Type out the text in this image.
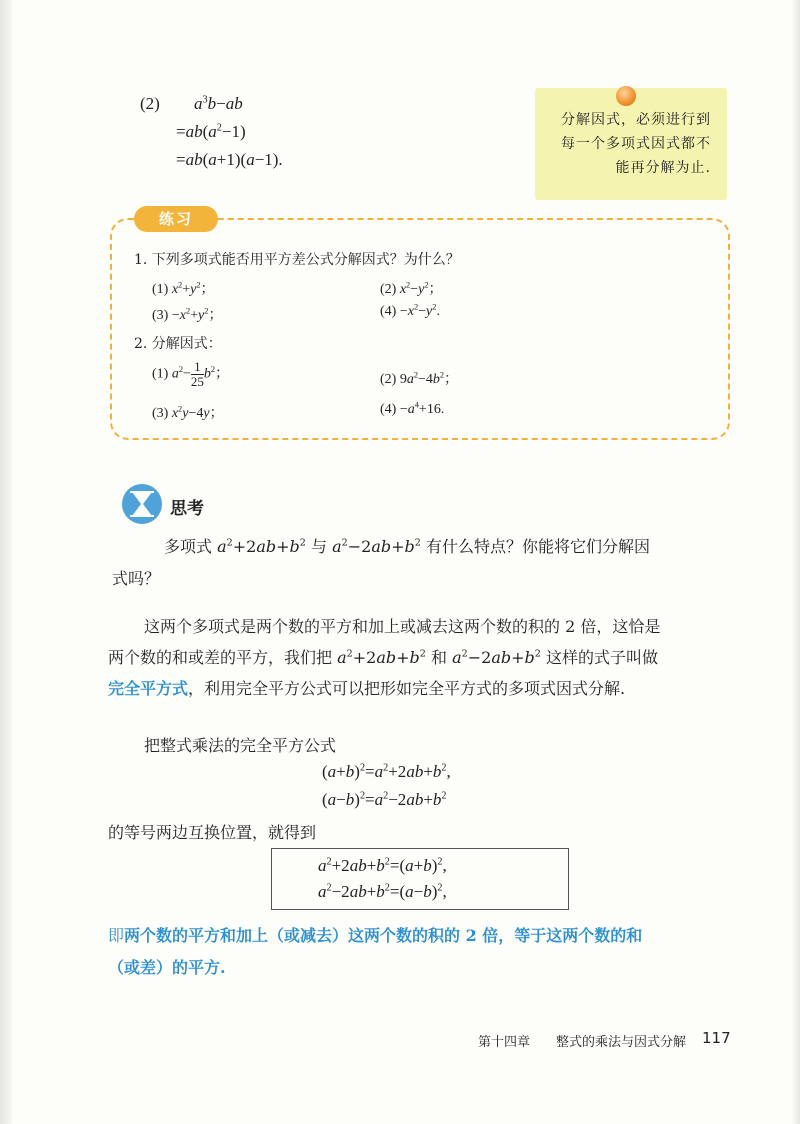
(2) $a^3b-ab$
$=ab(a^2-1)$
=ab(a+1)(a−1).
分解因式，必须进行到每一个多项式因式都不能再分解为止.
练习
1. 下列多项式能否用平方差公式分解因式？为什么？
(1) $x^2+y^2$；	(2) $x^2-y^2$；
$(3) -x^2+y^2$；	$(4) -x^2-y^2$.
2. 分解因式：
(1) $a^2- \frac{1}{25} b^2$；	(2) $9a^2-4b^2$；
(3) $x^2y-4y$；	$(4) -a^4+16$.
思考
多项式 $a^2+2ab+b^2$ 与 $a^2-2ab+b^2$ 有什么特点？你能将它们分解因
式吗？
这两个多项式是两个数的平方和加上或减去这两个数的积的 2 倍，这恰是
两个数的和或差的平方，我们把 $a^2+2ab+b^2$ 和 $a^2-2ab+b^2$ 这样的式子叫做
完全平方式，利用完全平方公式可以把形如完全平方式的多项式因式分解.
把整式乘法的完全平方公式
$(a+b)^2=a^2+2ab+b^2$,
$(a-b)^2=a^2-2ab+b^2$
的等号两边互换位置，就得到
$a^2+2ab+b^2=(a+b)^2$,
$a^2-2ab+b^2=(a-b)^2$,
即两个数的平方和加上（或减去）这两个数的积的 2 倍，等于这两个数的和
（或差）的平方.
第十四章 整式的乘法与因式分解 117
